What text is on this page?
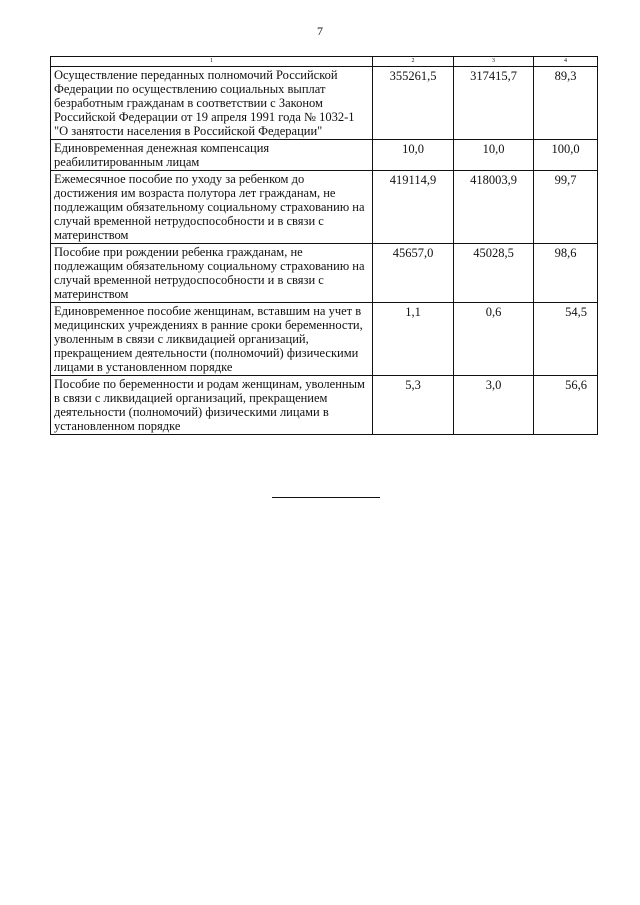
7
1	2	3	4
Осуществление переданных полномочий Российской Федерации по осуществлению социальных выплат безработным гражданам в соответствии с Законом Российской Федерации от 19 апреля 1991 года № 1032-1 "О занятости населения в Российской Федерации"	355261,5	317415,7	89,3
Единовременная денежная компенсация реабилитированным лицам	10,0	10,0	100,0
Ежемесячное пособие по уходу за ребенком до достижения им возраста полутора лет гражданам, не подлежащим обязательному социальному страхованию на случай временной нетрудоспособности и в связи с материнством	419114,9	418003,9	99,7
Пособие при рождении ребенка гражданам, не подлежащим обязательному социальному страхованию на случай временной нетрудоспособности и в связи с материнством	45657,0	45028,5	98,6
Единовременное пособие женщинам, вставшим на учет в медицинских учреждениях в ранние сроки беременности, уволенным в связи с ликвидацией организаций, прекращением деятельности (полномочий) физическими лицами в установленном порядке	1,1	0,6	54,5
Пособие по беременности и родам женщинам, уволенным в связи с ликвидацией организаций, прекращением деятельности (полномочий) физическими лицами в установленном порядке	5,3	3,0	56,6
